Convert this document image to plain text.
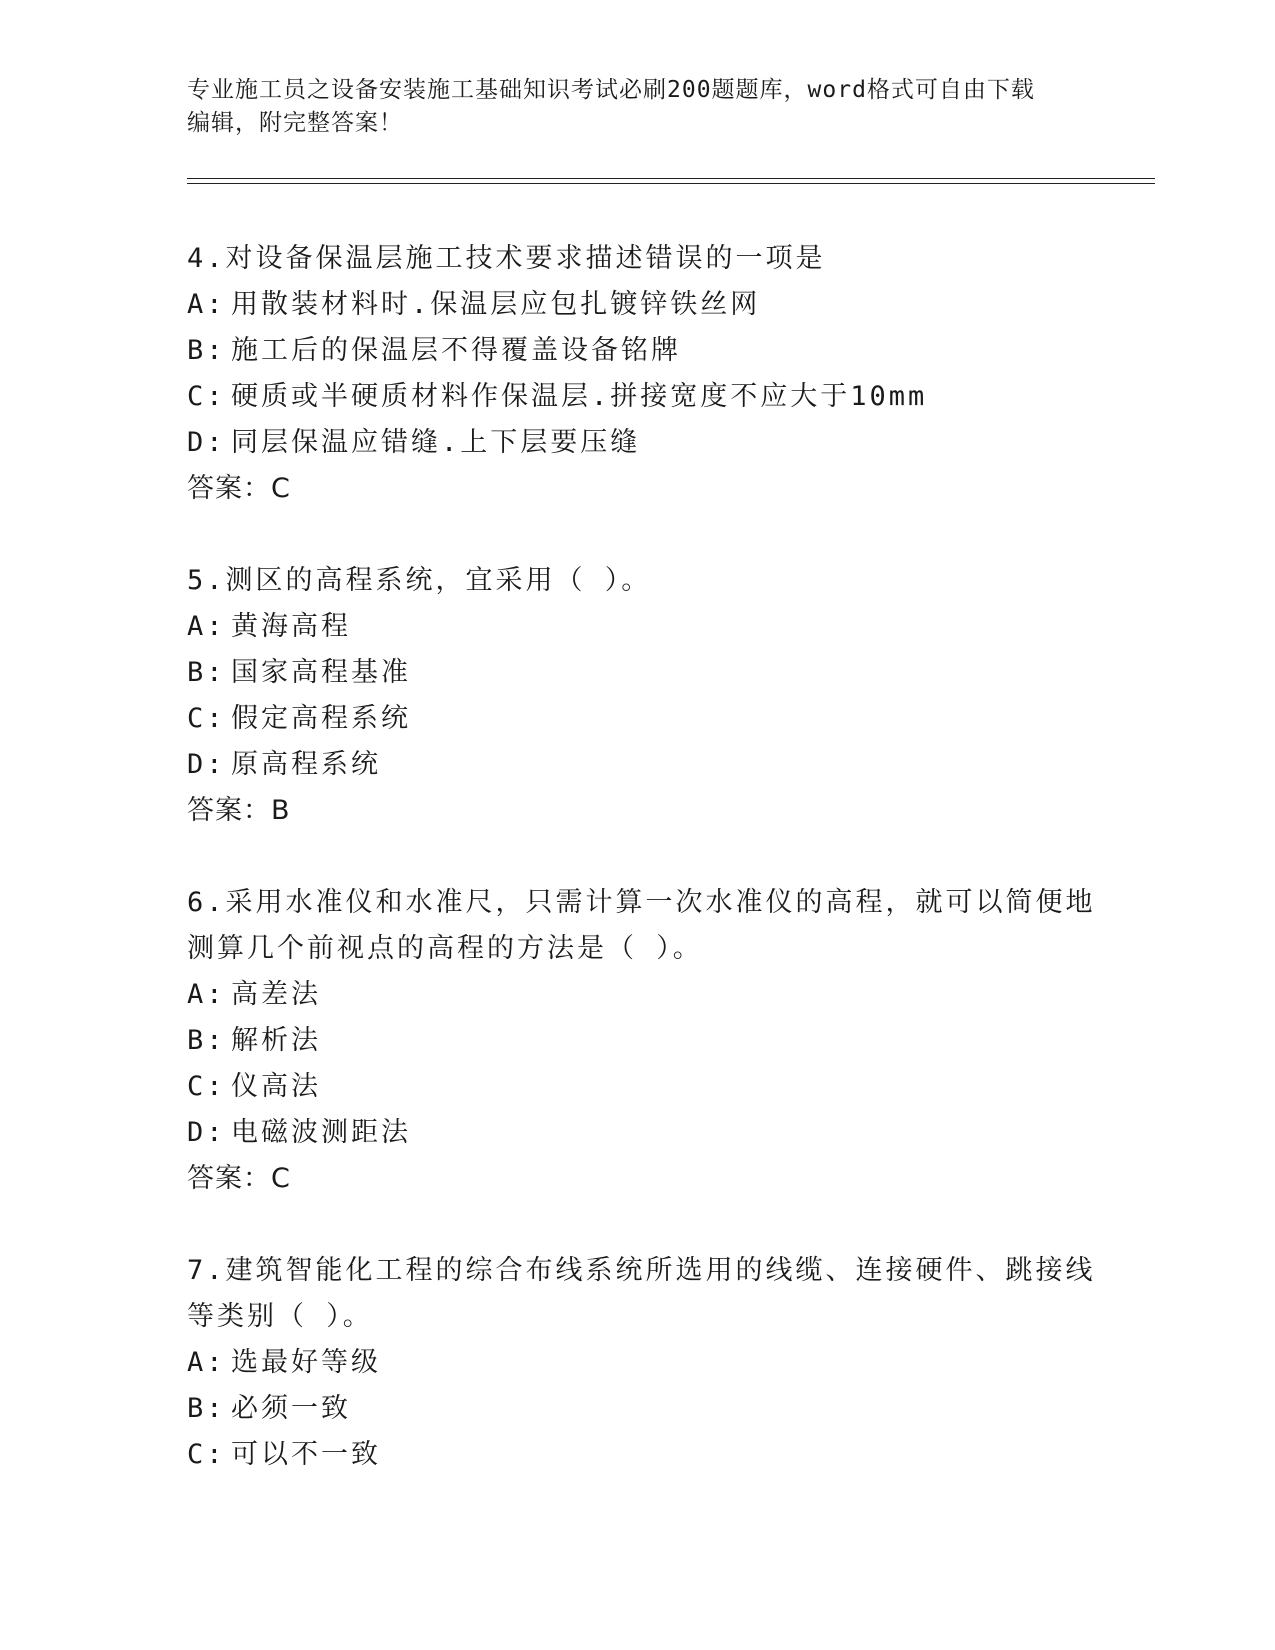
专业施工员之设备安装施工基础知识考试必刷200题题库，word格式可自由下载
编辑，附完整答案！
4.对设备保温层施工技术要求描述错误的一项是
A: 用散装材料时.保温层应包扎镀锌铁丝网
B: 施工后的保温层不得覆盖设备铭牌
C: 硬质或半硬质材料作保温层.拼接宽度不应大于10mm
D: 同层保温应错缝.上下层要压缝
答案：C
5.测区的高程系统，宜采用（ ）。
A: 黄海高程
B: 国家高程基准
C: 假定高程系统
D: 原高程系统
答案：B
6.采用水准仪和水准尺，只需计算一次水准仪的高程，就可以简便地
测算几个前视点的高程的方法是（ ）。
A: 高差法
B: 解析法
C: 仪高法
D: 电磁波测距法
答案：C
7.建筑智能化工程的综合布线系统所选用的线缆、连接硬件、跳接线
等类别（ ）。
A: 选最好等级
B: 必须一致
C: 可以不一致
